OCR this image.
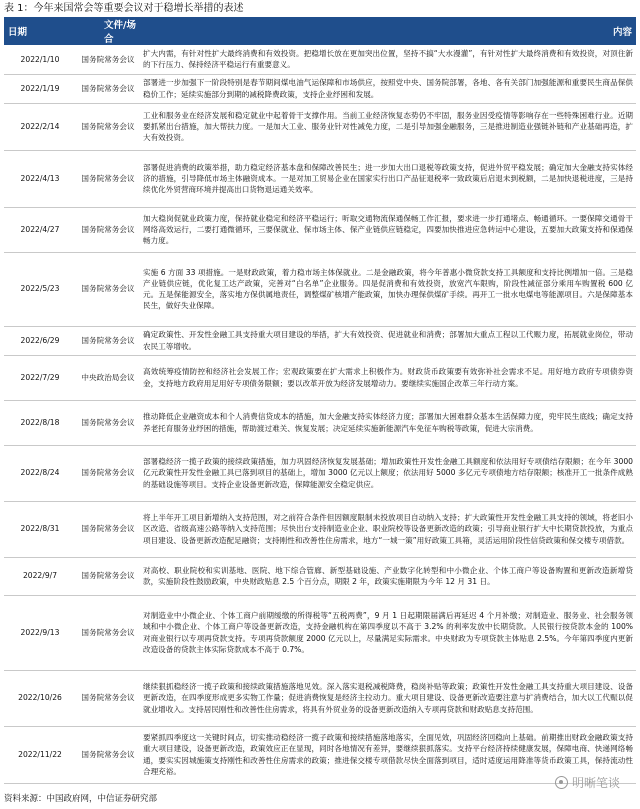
表 1：今年来国常会等重要会议对于稳增长举措的表述
日期	文件/场合	内容
2022/1/10	国务院常务会议	扩大内需，有针对性扩大最终消费和有效投资。把稳增长放在更加突出位置，坚持不搞“大水漫灌”，有针对性扩大最终消费和有效投资，对顶住新的下行压力、保持经济平稳运行有重要意义。
2022/1/19	国务院常务会议	部署进一步加强下一阶段特别是春节期间煤电油气运保障和市场供应，按照党中央、国务院部署，各地、各有关部门加强能源和重要民生商品保供稳价工作；延续实施部分到期的减税降费政策，支持企业纾困和发展。
2022/2/14	国务院常务会议	工业和服务业在经济发展和稳定就业中起着骨干支撑作用。当前工业经济恢复态势仍不牢固，服务业因受疫情等影响存在一些特殊困难行业。近期要抓紧出台措施，加大帮扶力度。一是加大工业、服务业针对性减免力度，二是引导加强金融服务，三是推进制造业强链补链和产业基础再造，扩大有效投资。
2022/4/13	国务院常务会议	部署促进消费的政策举措，助力稳定经济基本盘和保障改善民生；进一步加大出口退税等政策支持，促进外贸平稳发展；确定加大金融支持实体经济的措施，引导降低市场主体融资成本。一是对加工贸易企业在国家实行出口产品征退税率一致政策后启退未到税额，二是加快退税进度，三是持续优化外贸营商环境并提高出口货物退运通关效率。
2022/4/27	国务院常务会议	加大稳岗促就业政策力度，保持就业稳定和经济平稳运行；听取交通物流保通保畅工作汇报，要求进一步打通堵点、畅通循环。一要保障交通骨干网络高效运行，二要打通微循环，三要保就业、保市场主体、保产业链供应链稳定，四要加快推进应急转运中心建设，五要加大政策支持和保通保畅力度。
2022/5/23	国务院常务会议	实施 6 方面 33 项措施。一是财政政策，着力稳市场主体保就业。二是金融政策，将今年普惠小微贷款支持工具额度和支持比例增加一倍。三是稳产业链供应链，优化复工达产政策，完善对“白名单”企业服务。四是促消费和有效投资，放宽汽车限购，阶段性减征部分乘用车购置税 600 亿元。五是保能源安全，落实地方保供属地责任，调整煤矿核增产能政策，加快办理保供煤矿手续。再开工一批水电煤电等能源项目。六是保障基本民生，做好失业保障。
2022/6/29	国务院常务会议	确定政策性、开发性金融工具支持重大项目建设的举措，扩大有效投资、促进就业和消费；部署加大重点工程以工代赈力度，拓展就业岗位，带动农民工等增收。
2022/7/29	中央政治局会议	高效统筹疫情防控和经济社会发展工作；宏观政策要在扩大需求上积极作为。财政货币政策要有效弥补社会需求不足。用好地方政府专项债券资金，支持地方政府用足用好专项债务限额；要以改革开放为经济发展增动力。要继续实施国企改革三年行动方案。
2022/8/18	国务院常务会议	推动降低企业融资成本和个人消费信贷成本的措施，加大金融支持实体经济力度；部署加大困难群众基本生活保障力度，兜牢民生底线；确定支持养老托育服务业纾困的措施，帮助渡过难关、恢复发展；决定延续实施新能源汽车免征车购税等政策，促进大宗消费。
2022/8/24	国务院常务会议	部署稳经济一揽子政策的接续政策措施，加力巩固经济恢复发展基础；增加政策性开发性金融工具额度和依法用好专项债结存限额；在今年 3000 亿元政策性开发性金融工具已落到项目的基础上，增加 3000 亿元以上额度；依法用好 5000 多亿元专项债地方结存限额；核准开工一批条件成熟的基础设施等项目。支持企业设备更新改造，保障能源安全稳定供应。
2022/8/31	国务院常务会议	将上半年开工项目新增纳入支持范围，对之前符合条件但因额度限制未投放项目自动纳入支持；扩大政策性开发性金融工具支持的领域，将老旧小区改造、省级高速公路等纳入支持范围；尽快出台支持制造业企业、职业院校等设备更新改造的政策；引导商业银行扩大中长期贷款投放，为重点项目建设、设备更新改造配足融资；支持刚性和改善性住房需求，地方“一城一策”用好政策工具箱，灵活运用阶段性信贷政策和保交楼专项借款。
2022/9/7	国务院常务会议	对高校、职业院校和实训基地、医院、地下综合管廊、新型基础设施、产业数字化转型和中小微企业、个体工商户等设备购置和更新改造新增贷款，实施阶段性鼓励政策，中央财政贴息 2.5 个百分点，期限 2 年，政策实施期限为今年 12 月 31 日。
2022/9/13	国务院常务会议	对制造业中小微企业、个体工商户前期缓缴的所得税等“五税两费”，9 月 1 日起期限届满后再延迟 4 个月补缴；对制造业、服务业、社会服务领域和中小微企业、个体工商户等设备更新改造，支持金融机构在第四季度以不高于 3.2% 的利率发放中长期贷款。人民银行按贷款本金的 100% 对商业银行以专项再贷款支持。专项再贷款额度 2000 亿元以上，尽量满足实际需求。中央财政为专项贷款主体贴息 2.5%。今年第四季度内更新改造设备的贷款主体实际贷款成本不高于 0.7%。
2022/10/26	国务院常务会议	继续狠抓稳经济一揽子政策和接续政策措施落地见效。深入落实退税减税降费，稳岗补贴等政策；政策性开发性金融工具支持重大项目建设、设备更新改造，在四季度形成更多实物工作量；促进消费恢复是经济主拉动力。重大项目建设、设备更新改造要注意与扩消费结合，加大以工代赈以促就业增收入。支持居民刚性和改善性住房需求，将具有外贸业务的设备更新改造纳入专项再贷款和财政贴息支持范围。
2022/11/22	国务院常务会议	要紧抓四季度这一关键时间点，切实推动稳经济一揽子政策和接续措施落地落实，全面见效，巩固经济回稳向上基础。前期推出财政金融政策支持重大项目建设，设备更新改造，政策效应正在显现，同时各地情况有差异，要继续狠抓落实。支持平台经济持续健康发展，保障电商、快递网络畅通，要实实因城施策支持刚性和改善性住房需求的政策；推进保交楼专项借款尽快全面落到项目，适时适度运用降准等货币政策工具，保持流动性合理充裕。
明晰笔谈
资料来源：中国政府网，中信证券研究部
